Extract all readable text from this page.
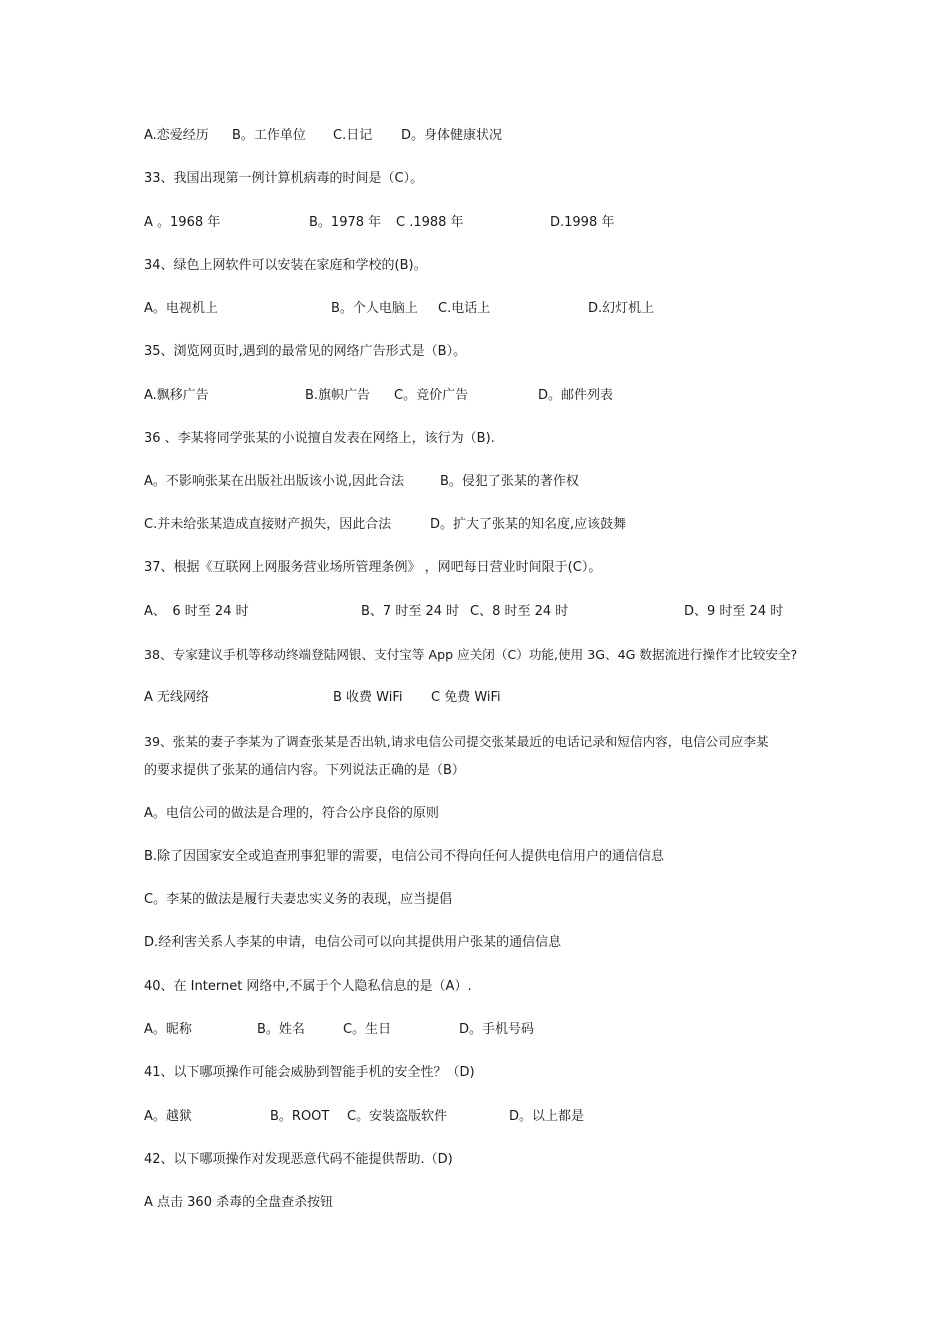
A.恋爱经历 B。工作单位 C.日记 D。身体健康状况
33、我国出现第一例计算机病毒的时间是（C）。
A 。1968 年	B。1978 年 C .1988 年	D.1998 年
34、绿色上网软件可以安装在家庭和学校的(B)。
A。电视机上	B。个人电脑上 C.电话上	D.幻灯机上
35、浏览网页时,遇到的最常见的网络广告形式是（B）。
A.飘移广告	B.旗帜广告 C。竞价广告	D。邮件列表
36 、李某将同学张某的小说擅自发表在网络上，该行为（B).
A。不影响张某在出版社出版该小说,因此合法	B。侵犯了张某的著作权
C.并未给张某造成直接财产损失，因此合法	D。扩大了张某的知名度,应该鼓舞
37、根据《互联网上网服务营业场所管理条例》 ，网吧每日营业时间限于(C）。
A、　6 时至 24 时	B、7 时至 24 时 C、8 时至 24 时	D、9 时至 24 时
38、专家建议手机等移动终端登陆网银、支付宝等 App 应关闭（C）功能,使用 3G、4G 数据流进行操作才比较安全?
A 无线网络	B 收费 WiFi C 免费 WiFi
39、张某的妻子李某为了调查张某是否出轨,请求电信公司提交张某最近的电话记录和短信内容，电信公司应李某
的要求提供了张某的通信内容。下列说法正确的是（B）
A。电信公司的做法是合理的，符合公序良俗的原则
B.除了因国家安全或追查刑事犯罪的需要，电信公司不得向任何人提供电信用户的通信信息
C。李某的做法是履行夫妻忠实义务的表现，应当提倡
D.经利害关系人李某的申请，电信公司可以向其提供用户张某的通信信息
40、在 Internet 网络中,不属于个人隐私信息的是（A）.
A。昵称	B。姓名	C。生日	D。手机号码
41、以下哪项操作可能会威胁到智能手机的安全性？（D)
A。越狱	B。ROOT C。安装盗版软件	D。以上都是
42、以下哪项操作对发现恶意代码不能提供帮助.（D)
A 点击 360 杀毒的全盘查杀按钮
